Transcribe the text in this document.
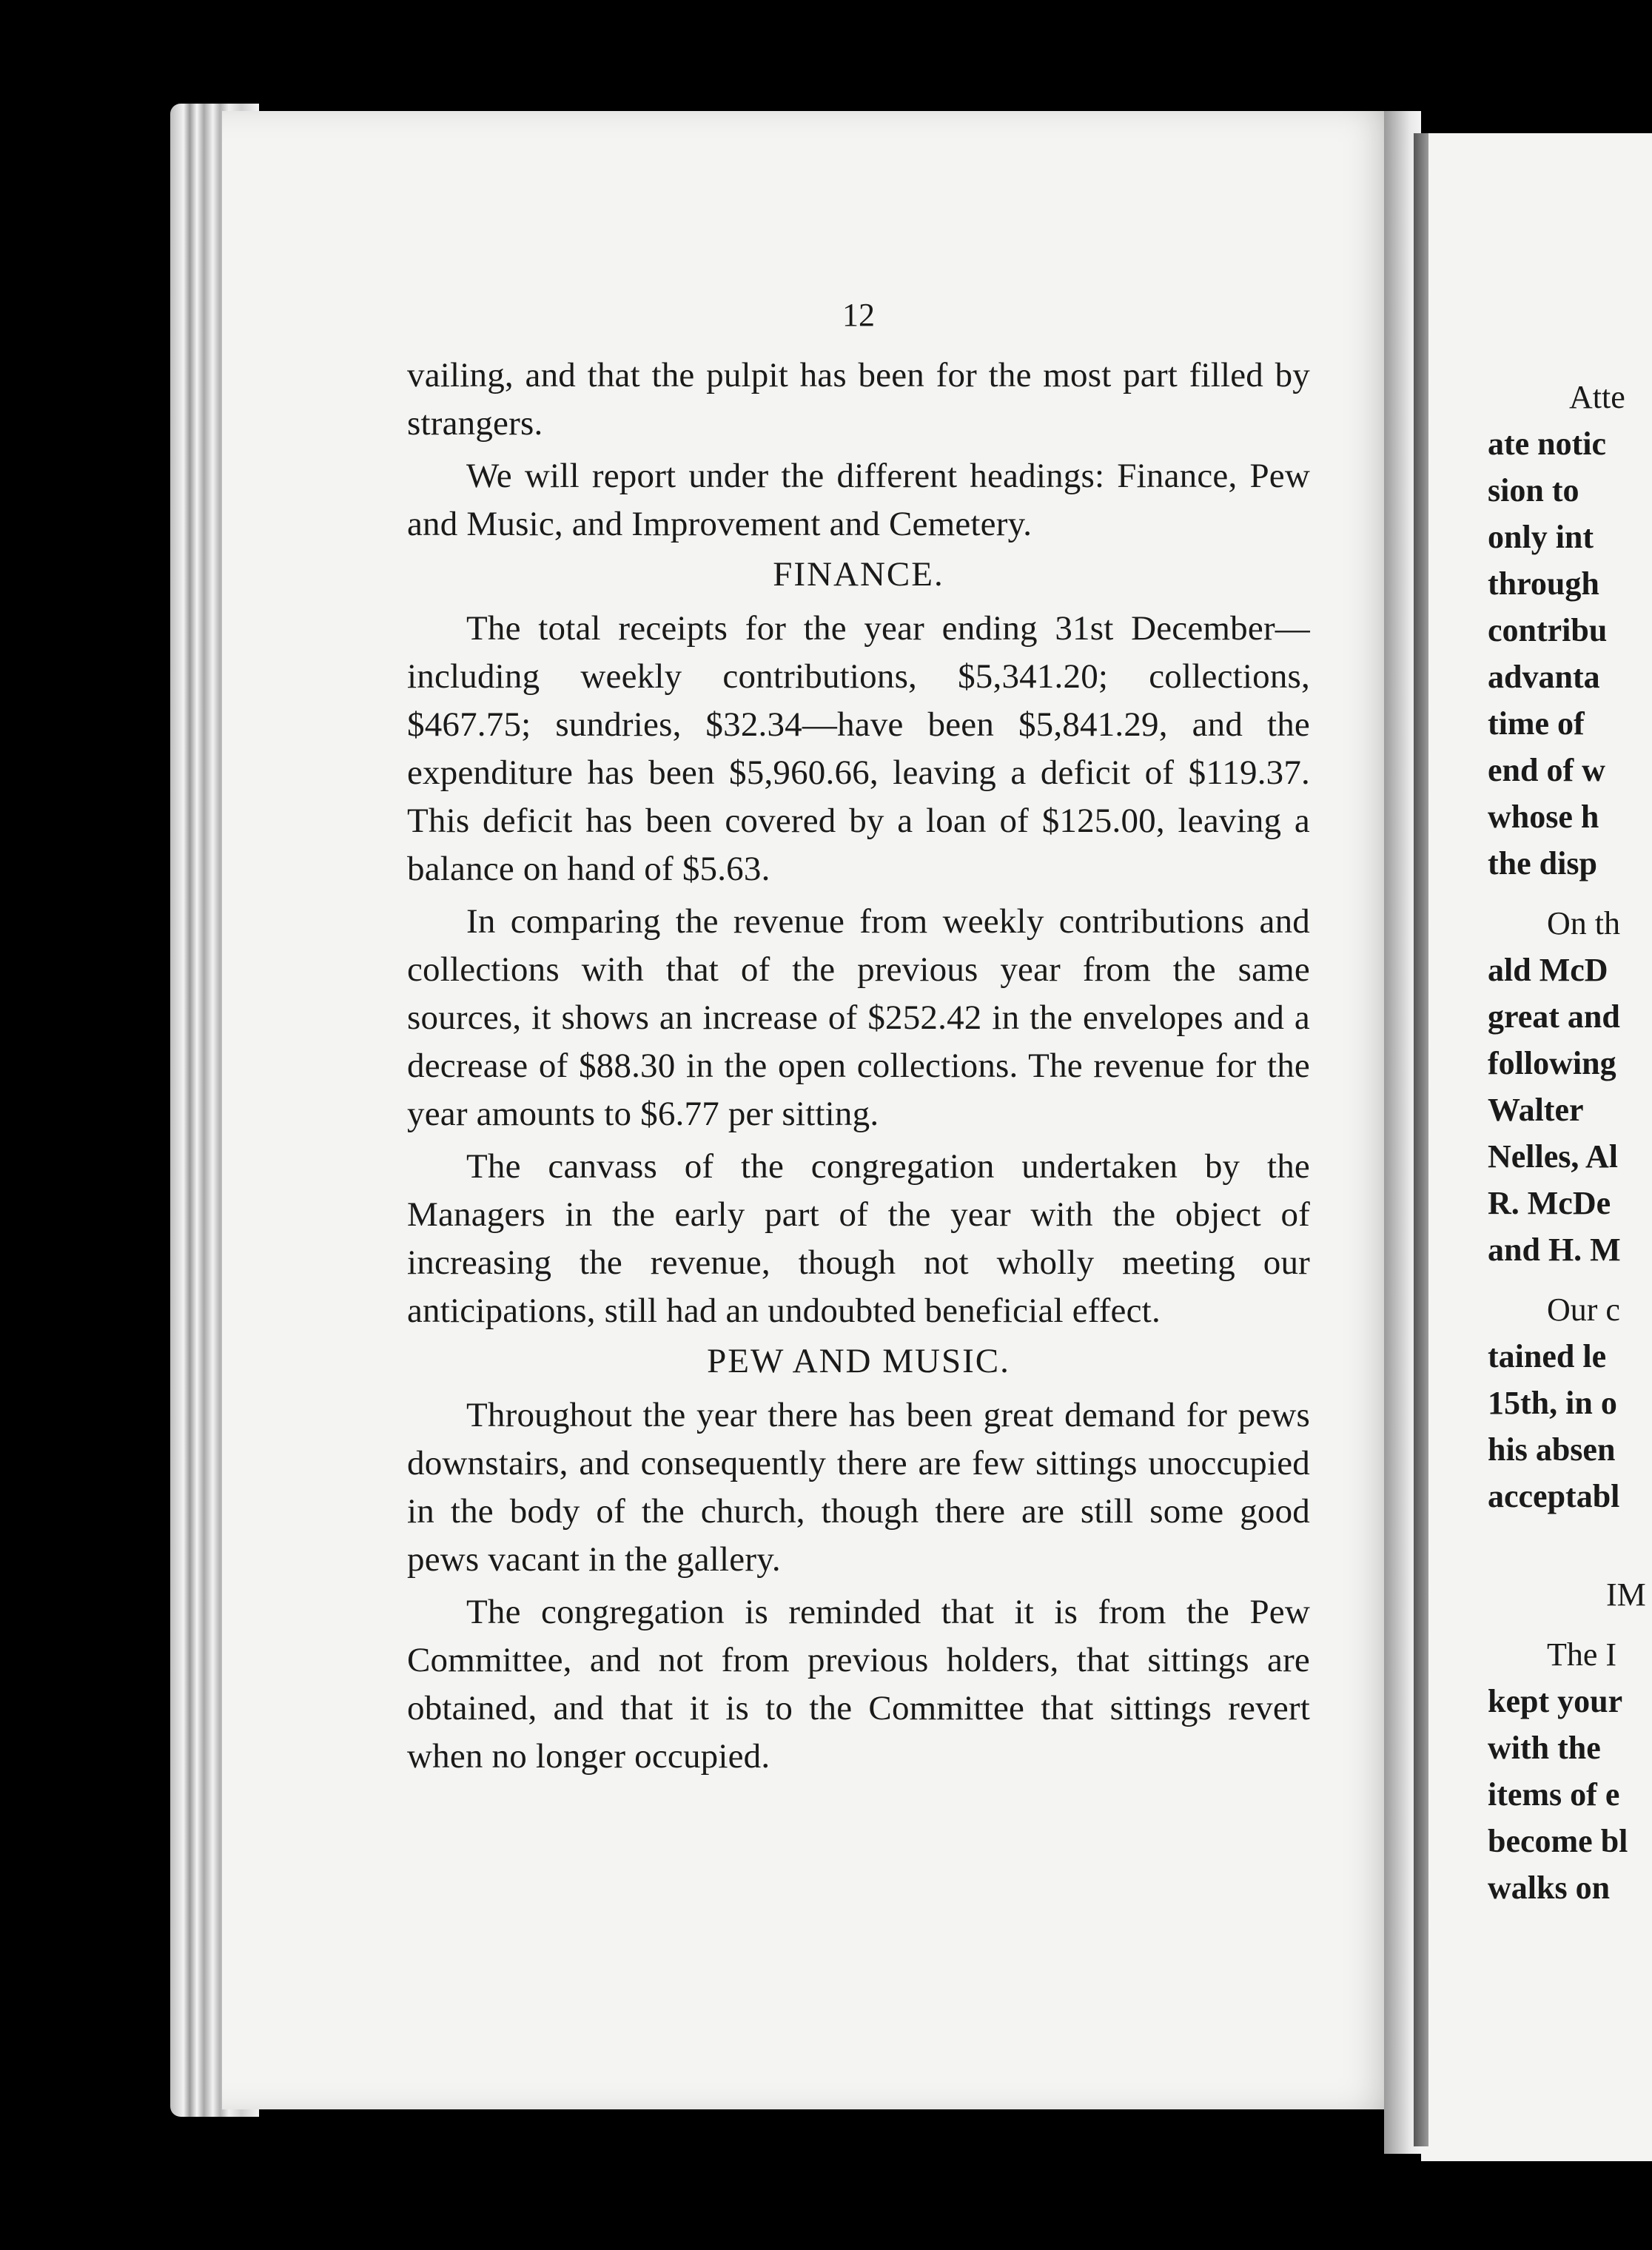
12

vailing, and that the pulpit has been for the most part filled by strangers.

We will report under the different headings: Finance, Pew and Music, and Improvement and Cemetery.

FINANCE.

The total receipts for the year ending 31st December—including weekly contributions, $5,341.20; collections, $467.75; sundries, $32.34—have been $5,841.29, and the expenditure has been $5,960.66, leaving a deficit of $119.37. This deficit has been covered by a loan of $125.00, leaving a balance on hand of $5.63.

In comparing the revenue from weekly contributions and collections with that of the previous year from the same sources, it shows an increase of $252.42 in the envelopes and a decrease of $88.30 in the open collections. The revenue for the year amounts to $6.77 per sitting.

The canvass of the congregation undertaken by the Managers in the early part of the year with the object of increasing the revenue, though not wholly meeting our anticipations, still had an undoubted beneficial effect.

PEW AND MUSIC.

Throughout the year there has been great demand for pews downstairs, and consequently there are few sittings unoccupied in the body of the church, though there are still some good pews vacant in the gallery.

The congregation is reminded that it is from the Pew Committee, and not from previous holders, that sittings are obtained, and that it is to the Committee that sittings revert when no longer occupied.

Atte
ate notic
sion to
only int
through
contribu
advanta
time of
end of w
whose h
the disp
On th
ald McD
great and
following
Walter
Nelles, Al
R. McDe
and H. M
Our c
tained le
15th, in o
his absen
acceptabl
IM
The I
kept your
with the
items of e
become bl
walks on
